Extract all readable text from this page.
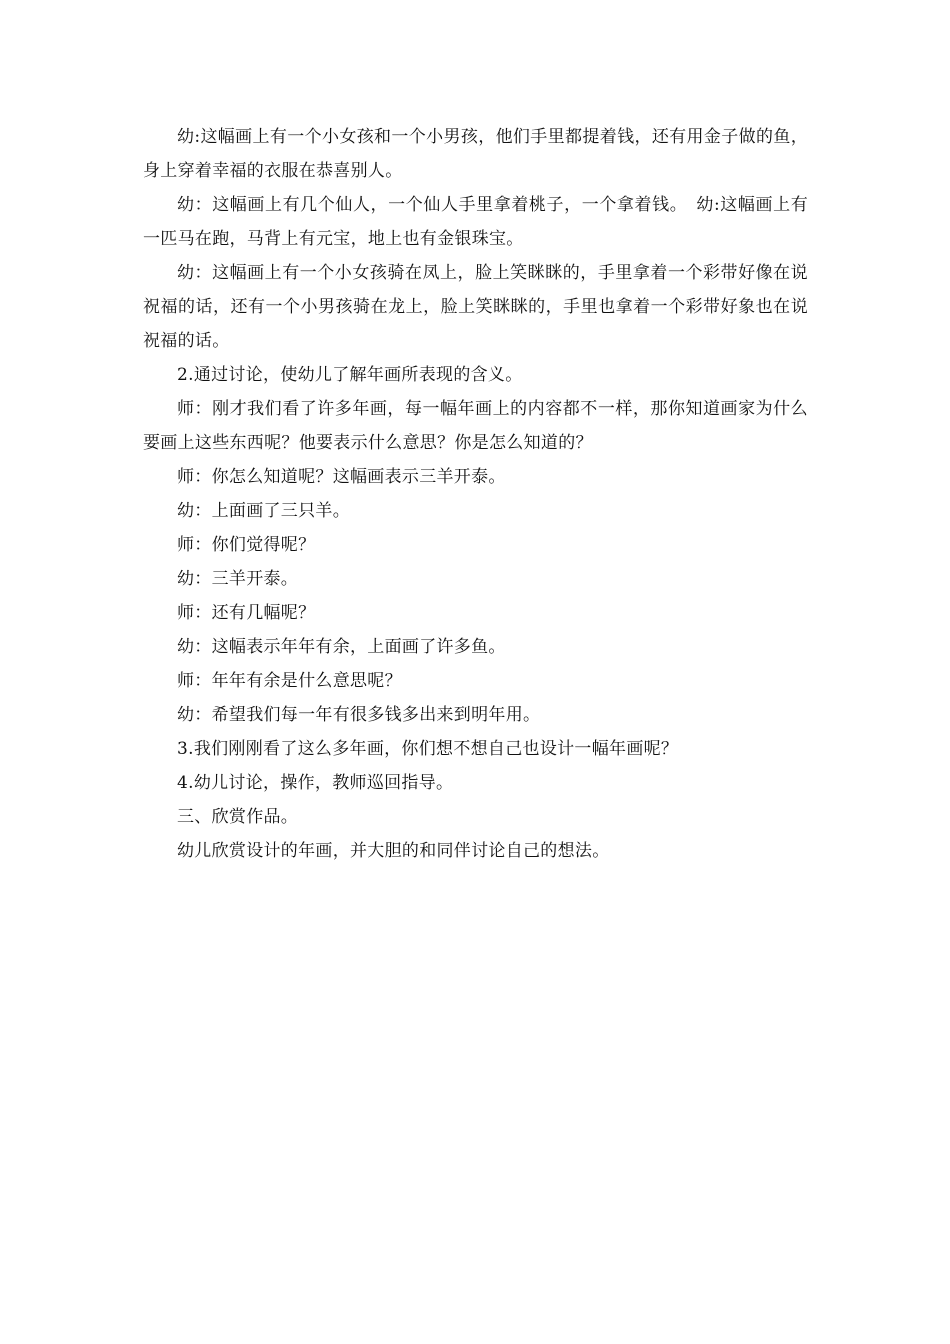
幼:这幅画上有一个小女孩和一个小男孩，他们手里都提着钱，还有用金子做的鱼，身上穿着幸福的衣服在恭喜别人。

幼：这幅画上有几个仙人，一个仙人手里拿着桃子，一个拿着钱。　幼:这幅画上有一匹马在跑，马背上有元宝，地上也有金银珠宝。

幼：这幅画上有一个小女孩骑在凤上，脸上笑眯眯的，手里拿着一个彩带好像在说祝福的话，还有一个小男孩骑在龙上，脸上笑眯眯的，手里也拿着一个彩带好象也在说祝福的话。

2.通过讨论，使幼儿了解年画所表现的含义。

师：刚才我们看了许多年画，每一幅年画上的内容都不一样，那你知道画家为什么要画上这些东西呢？他要表示什么意思？你是怎么知道的？

师：你怎么知道呢？这幅画表示三羊开泰。

幼：上面画了三只羊。

师：你们觉得呢？

幼：三羊开泰。

师：还有几幅呢？

幼：这幅表示年年有余，上面画了许多鱼。

师：年年有余是什么意思呢？

幼：希望我们每一年有很多钱多出来到明年用。

3.我们刚刚看了这么多年画，你们想不想自己也设计一幅年画呢？

4.幼儿讨论，操作，教师巡回指导。

三、欣赏作品。

幼儿欣赏设计的年画，并大胆的和同伴讨论自己的想法。
